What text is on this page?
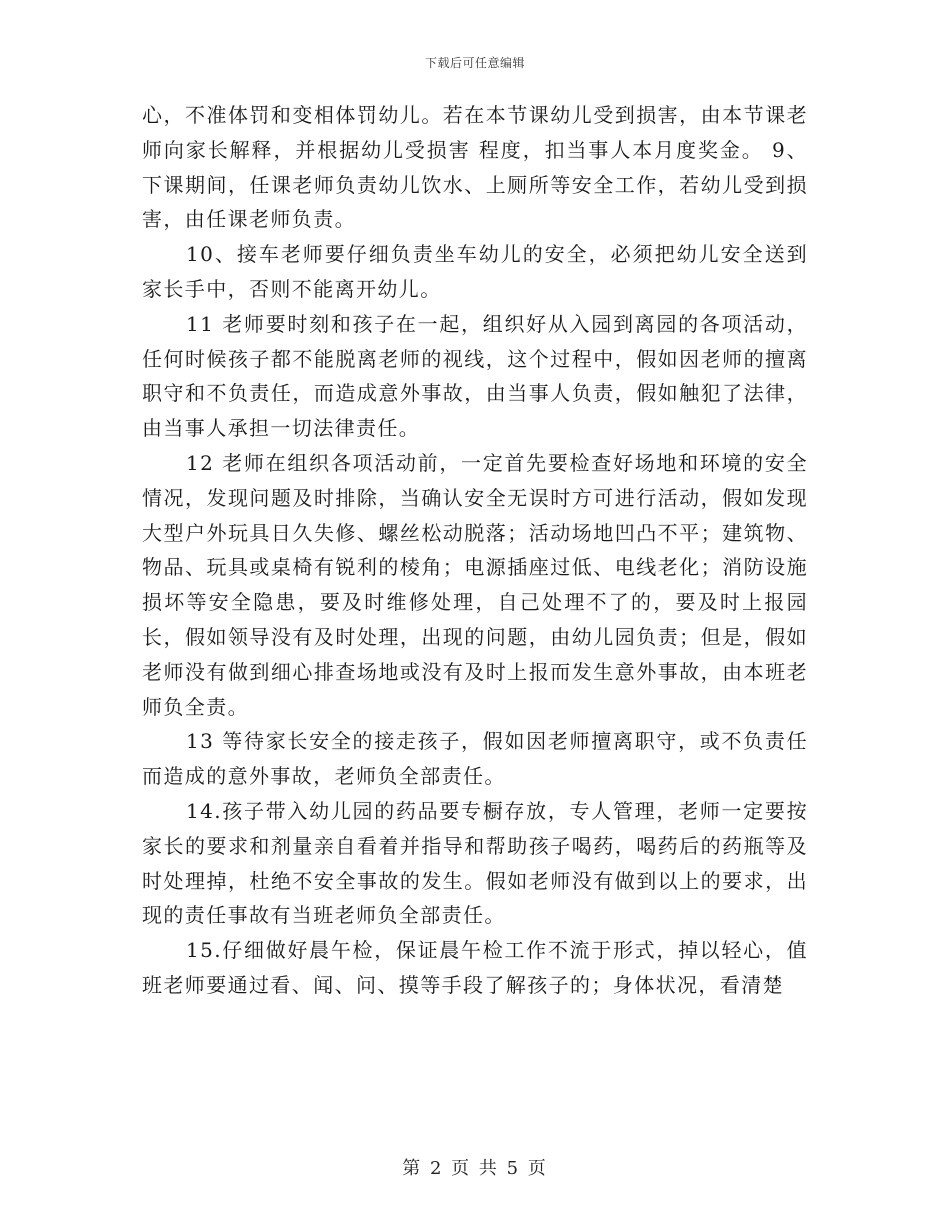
下载后可任意编辑

心，不准体罚和变相体罚幼儿。若在本节课幼儿受到损害，由本节课老师向家长解释，并根据幼儿受损害 程度，扣当事人本月度奖金。 9、下课期间，任课老师负责幼儿饮水、上厕所等安全工作，若幼儿受到损害，由任课老师负责。

10、接车老师要仔细负责坐车幼儿的安全，必须把幼儿安全送到家长手中，否则不能离开幼儿。

11 老师要时刻和孩子在一起，组织好从入园到离园的各项活动，任何时候孩子都不能脱离老师的视线，这个过程中，假如因老师的擅离职守和不负责任，而造成意外事故，由当事人负责，假如触犯了法律，由当事人承担一切法律责任。

12 老师在组织各项活动前，一定首先要检查好场地和环境的安全情况，发现问题及时排除，当确认安全无误时方可进行活动，假如发现大型户外玩具日久失修、螺丝松动脱落；活动场地凹凸不平；建筑物、物品、玩具或桌椅有锐利的棱角；电源插座过低、电线老化；消防设施损坏等安全隐患，要及时维修处理，自己处理不了的，要及时上报园长，假如领导没有及时处理，出现的问题，由幼儿园负责；但是，假如老师没有做到细心排查场地或没有及时上报而发生意外事故，由本班老师负全责。

13 等待家长安全的接走孩子，假如因老师擅离职守，或不负责任而造成的意外事故，老师负全部责任。

14.孩子带入幼儿园的药品要专橱存放，专人管理，老师一定要按家长的要求和剂量亲自看着并指导和帮助孩子喝药，喝药后的药瓶等及时处理掉，杜绝不安全事故的发生。假如老师没有做到以上的要求，出现的责任事故有当班老师负全部责任。

15.仔细做好晨午检，保证晨午检工作不流于形式，掉以轻心，值班老师要通过看、闻、问、摸等手段了解孩子的；身体状况，看清楚

第 2 页 共 5 页
